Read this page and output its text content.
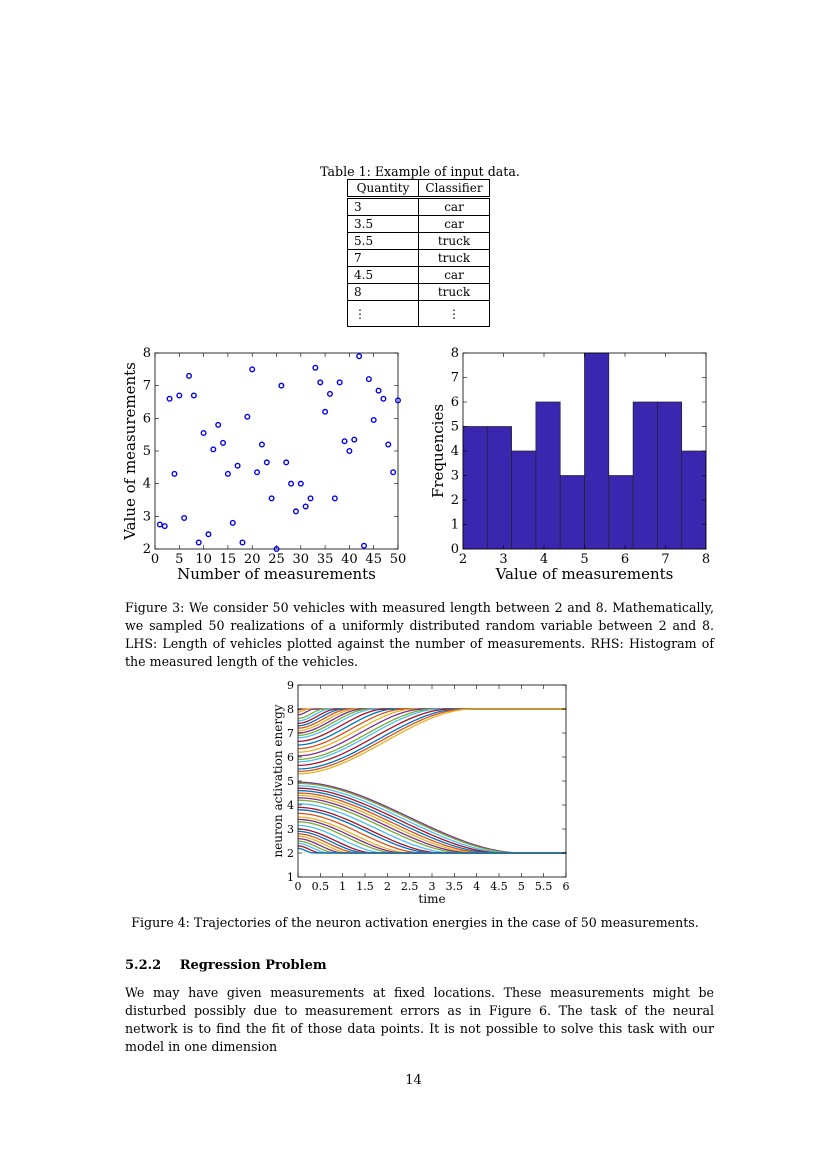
Table 1: Example of input data.
Quantity	Classifier
3	car
3.5	car
5.5	truck
7	truck
4.5	car
8	truck
⋮	⋮
0 5 10 15 20 25 30 35 40 45 50
2
3
4
5
6
7
8
Number of measurements
Value of measurements
2 3 4 5 6 7 8
0
1
2
3
4
5
6
7
8
Value of measurements
Frequencies
Figure 3: We consider 50 vehicles with measured length between 2 and 8. Mathematically, we sampled 50 realizations of a uniformly distributed random variable between 2 and 8. LHS: Length of vehicles plotted against the number of measurements. RHS: Histogram of the measured length of the vehicles.
0 0.5 1 1.5 2 2.5 3 3.5 4 4.5 5 5.5 6
1
2
3
4
5
6
7
8
9
time
neuron activation energy
Figure 4: Trajectories of the neuron activation energies in the case of 50 measurements.
5.2.2 Regression Problem
We may have given measurements at fixed locations. These measurements might be disturbed possibly due to measurement errors as in Figure 6. The task of the neural network is to find the fit of those data points. It is not possible to solve this task with our model in one dimension
14
